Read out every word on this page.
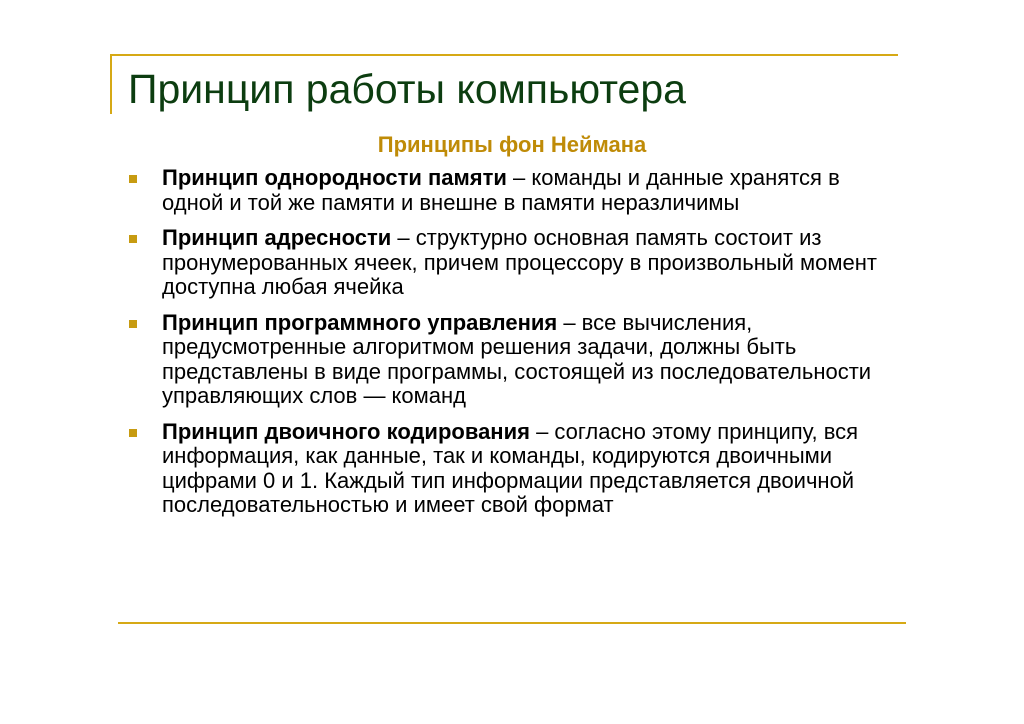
Принцип работы компьютера
Принципы фон Неймана
Принцип однородности памяти – команды и данные хранятся в одной и той же памяти и внешне в памяти неразличимы
Принцип адресности – структурно основная память состоит из пронумерованных ячеек, причем процессору в произвольный момент доступна любая ячейка
Принцип программного управления – все вычисления, предусмотренные алгоритмом решения задачи, должны быть представлены в виде программы, состоящей из последовательности управляющих слов — команд
Принцип двоичного кодирования – согласно этому принципу, вся информация, как данные, так и команды, кодируются двоичными цифрами 0 и 1. Каждый тип информации представляется двоичной последовательностью и имеет свой формат
